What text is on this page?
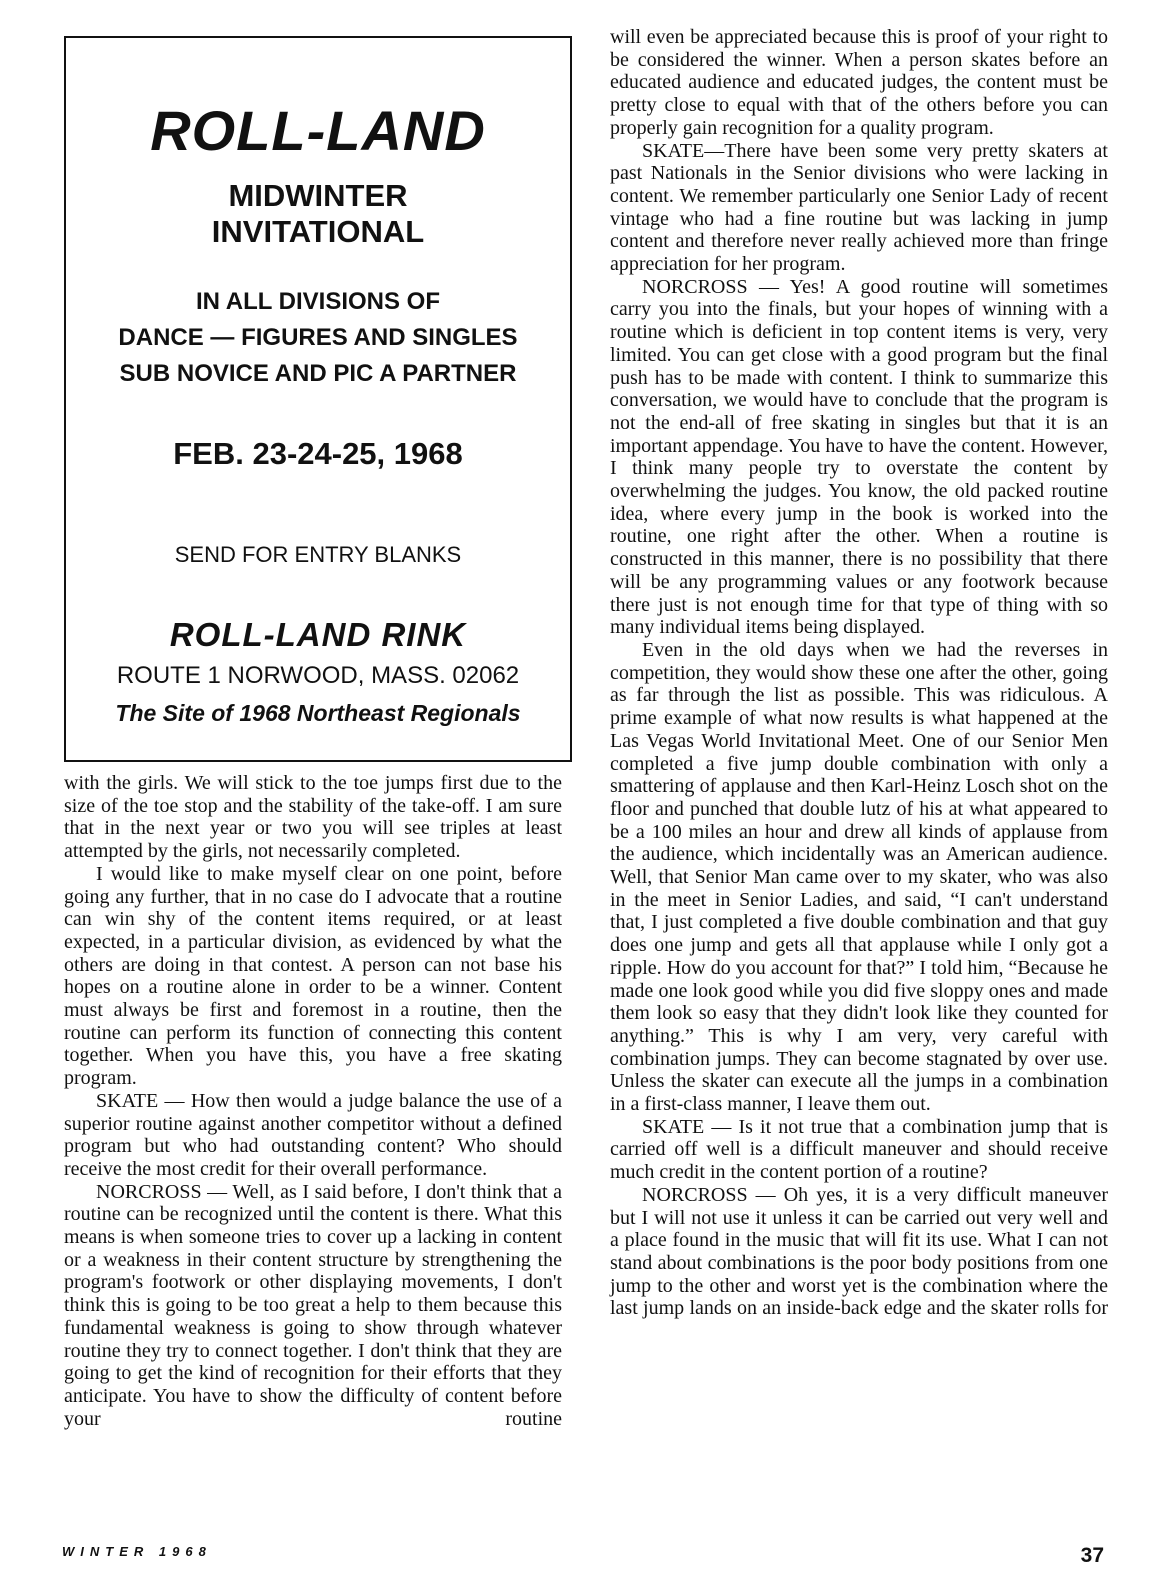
ROLL-LAND
MIDWINTER
INVITATIONAL
IN ALL DIVISIONS OF
DANCE — FIGURES AND SINGLES
SUB NOVICE AND PIC A PARTNER
FEB. 23-24-25, 1968
SEND FOR ENTRY BLANKS
ROLL-LAND RINK
ROUTE 1 NORWOOD, MASS. 02062
The Site of 1968 Northeast Regionals

with the girls. We will stick to the toe jumps first due to the size of the toe stop and the stability of the take-off. I am sure that in the next year or two you will see triples at least attempted by the girls, not necessarily completed.

I would like to make myself clear on one point, before going any further, that in no case do I advocate that a routine can win shy of the content items required, or at least expected, in a particular division, as evidenced by what the others are doing in that contest. A person can not base his hopes on a routine alone in order to be a winner. Content must always be first and foremost in a routine, then the routine can perform its function of connecting this content together. When you have this, you have a free skating program.

SKATE — How then would a judge balance the use of a superior routine against another competitor without a defined program but who had outstanding content? Who should receive the most credit for their overall performance.

NORCROSS — Well, as I said before, I don't think that a routine can be recognized until the content is there. What this means is when someone tries to cover up a lacking in content or a weakness in their content structure by strengthening the program's footwork or other displaying movements, I don't think this is going to be too great a help to them because this fundamental weakness is going to show through whatever routine they try to connect together. I don't think that they are going to get the kind of recognition for their efforts that they anticipate. You have to show the difficulty of content before your routine

will even be appreciated because this is proof of your right to be considered the winner. When a person skates before an educated audience and educated judges, the content must be pretty close to equal with that of the others before you can properly gain recognition for a quality program.

SKATE—There have been some very pretty skaters at past Nationals in the Senior divisions who were lacking in content. We remember particularly one Senior Lady of recent vintage who had a fine routine but was lacking in jump content and therefore never really achieved more than fringe appreciation for her program.

NORCROSS — Yes! A good routine will sometimes carry you into the finals, but your hopes of winning with a routine which is deficient in top content items is very, very limited. You can get close with a good program but the final push has to be made with content. I think to summarize this conversation, we would have to conclude that the program is not the end-all of free skating in singles but that it is an important appendage. You have to have the content. However, I think many people try to overstate the content by overwhelming the judges. You know, the old packed routine idea, where every jump in the book is worked into the routine, one right after the other. When a routine is constructed in this manner, there is no possibility that there will be any programming values or any footwork because there just is not enough time for that type of thing with so many individual items being displayed.

Even in the old days when we had the reverses in competition, they would show these one after the other, going as far through the list as possible. This was ridiculous. A prime example of what now results is what happened at the Las Vegas World Invitational Meet. One of our Senior Men completed a five jump double combination with only a smattering of applause and then Karl-Heinz Losch shot on the floor and punched that double lutz of his at what appeared to be a 100 miles an hour and drew all kinds of applause from the audience, which incidentally was an American audience. Well, that Senior Man came over to my skater, who was also in the meet in Senior Ladies, and said, “I can't understand that, I just completed a five double combination and that guy does one jump and gets all that applause while I only got a ripple. How do you account for that?” I told him, “Because he made one look good while you did five sloppy ones and made them look so easy that they didn't look like they counted for anything.” This is why I am very, very careful with combination jumps. They can become stagnated by over use. Unless the skater can execute all the jumps in a combination in a first-class manner, I leave them out.

SKATE — Is it not true that a combination jump that is carried off well is a difficult maneuver and should receive much credit in the content portion of a routine?

NORCROSS — Oh yes, it is a very difficult maneuver but I will not use it unless it can be carried out very well and a place found in the music that will fit its use. What I can not stand about combinations is the poor body positions from one jump to the other and worst yet is the combination where the last jump lands on an inside-back edge and the skater rolls for

WINTER 1968	37
